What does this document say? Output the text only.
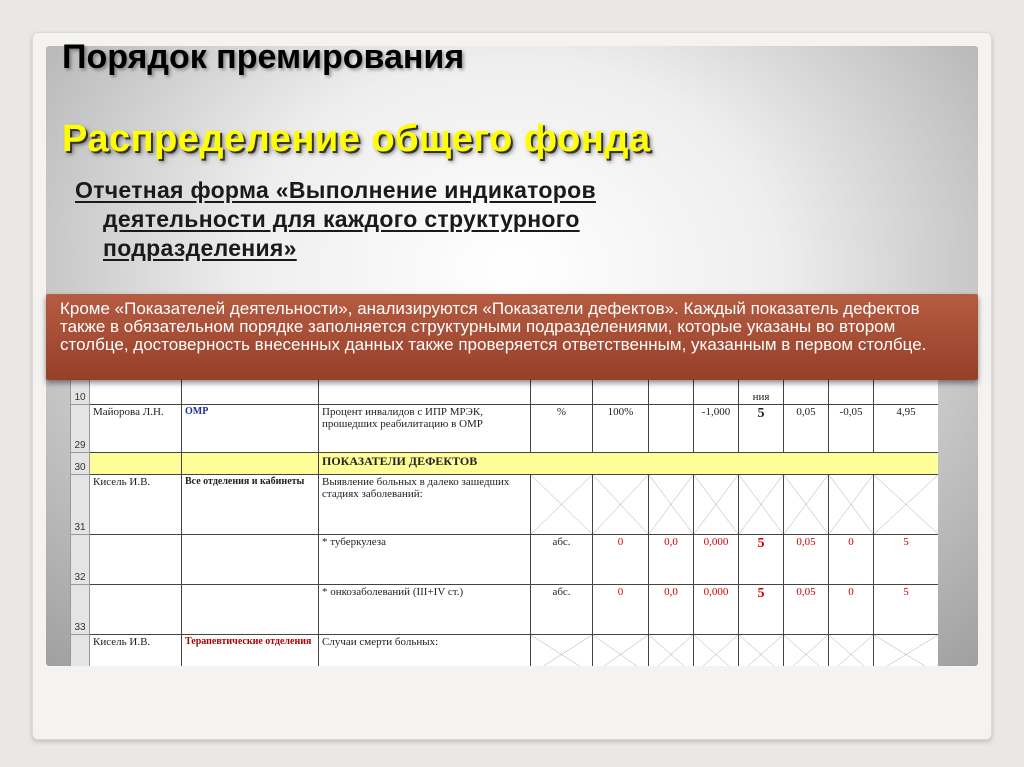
Порядок премирования
Распределение общего фонда
Отчетная форма «Выполнение индикаторов
деятельности для каждого структурного
подразделения»
10								ния				
29	Майорова Л.Н.	ОМР	Процент инвалидов с ИПР МРЭК, прошедших реабилитацию в ОМР	%	100%		-1,000	5	0,05	-0,05	4,95	
30			ПОКАЗАТЕЛИ ДЕФЕКТОВ									
31	Кисель И.В.	Все отделения и кабинеты	Выявление больных в далеко зашедших стадиях заболеваний:	

32			* туберкулеза	абс.	0	0,0	0,000	5	0,05	0	5	
33			* онкозаболеваний (III+IV ст.)	абс.	0	0,0	0,000	5	0,05	0	5	
	Кисель И.В.	Терапевтические отделения	Случаи смерти больных:	

Кроме «Показателей деятельности», анализируются «Показатели дефектов». Каждый показатель дефектов также в обязательном порядке заполняется структурными подразделениями, которые указаны во втором столбце, достоверность внесенных данных также проверяется ответственным, указанным в первом столбце.
